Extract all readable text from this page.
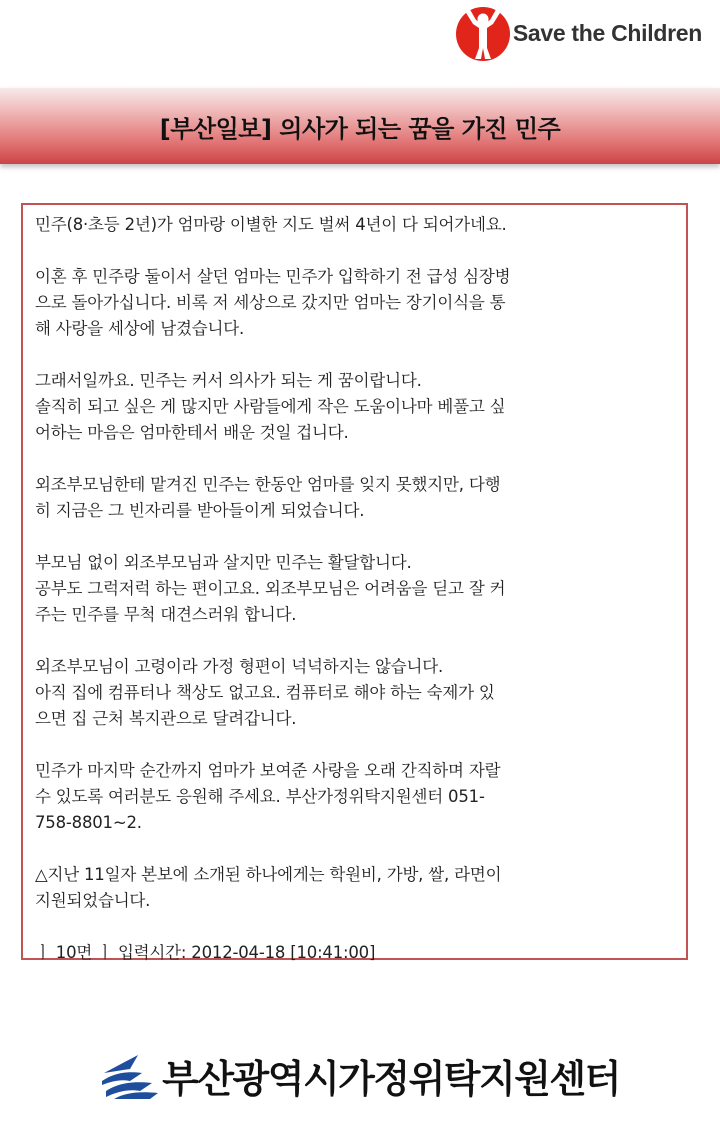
Save the Children
[부산일보] 의사가 되는 꿈을 가진 민주

민주(8·초등 2년)가 엄마랑 이별한 지도 벌써 4년이 다 되어가네요.

이혼 후 민주랑 둘이서 살던 엄마는 민주가 입학하기 전 급성 심장병
으로 돌아가십니다. 비록 저 세상으로 갔지만 엄마는 장기이식을 통
해 사랑을 세상에 남겼습니다.

그래서일까요. 민주는 커서 의사가 되는 게 꿈이랍니다.
솔직히 되고 싶은 게 많지만 사람들에게 작은 도움이나마 베풀고 싶
어하는 마음은 엄마한테서 배운 것일 겁니다.

외조부모님한테 맡겨진 민주는 한동안 엄마를 잊지 못했지만, 다행
히 지금은 그 빈자리를 받아들이게 되었습니다.

부모님 없이 외조부모님과 살지만 민주는 활달합니다.
공부도 그럭저럭 하는 편이고요. 외조부모님은 어려움을 딛고 잘 커
주는 민주를 무척 대견스러워 합니다.

외조부모님이 고령이라 가정 형편이 넉넉하지는 않습니다.
아직 집에 컴퓨터나 책상도 없고요. 컴퓨터로 해야 하는 숙제가 있
으면 집 근처 복지관으로 달려갑니다.

민주가 마지막 순간까지 엄마가 보여준 사랑을 오래 간직하며 자랄
수 있도록 여러분도 응원해 주세요. 부산가정위탁지원센터 051-
758-8801~2.

△지난 11일자 본보에 소개된 하나에게는 학원비, 가방, 쌀, 라면이
지원되었습니다.

ㅣ 10면 ㅣ 입력시간: 2012-04-18 [10:41:00]

부산광역시가정위탁지원센터
